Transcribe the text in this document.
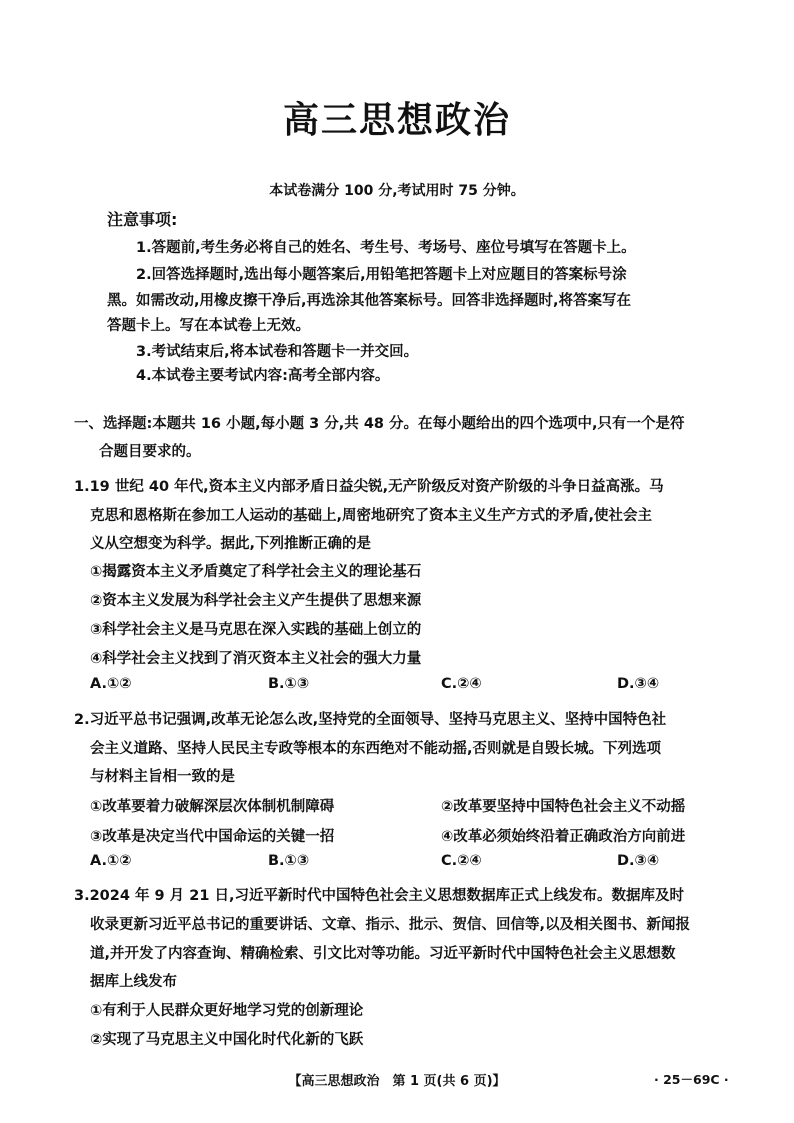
高三思想政治
本试卷满分 100 分,考试用时 75 分钟。
注意事项:
1.答题前,考生务必将自己的姓名、考生号、考场号、座位号填写在答题卡上。
2.回答选择题时,选出每小题答案后,用铅笔把答题卡上对应题目的答案标号涂
黑。如需改动,用橡皮擦干净后,再选涂其他答案标号。回答非选择题时,将答案写在
答题卡上。写在本试卷上无效。
3.考试结束后,将本试卷和答题卡一并交回。
4.本试卷主要考试内容:高考全部内容。
一、选择题:本题共 16 小题,每小题 3 分,共 48 分。在每小题给出的四个选项中,只有一个是符
合题目要求的。
1.19 世纪 40 年代,资本主义内部矛盾日益尖锐,无产阶级反对资产阶级的斗争日益高涨。马
克思和恩格斯在参加工人运动的基础上,周密地研究了资本主义生产方式的矛盾,使社会主
义从空想变为科学。据此,下列推断正确的是
①揭露资本主义矛盾奠定了科学社会主义的理论基石
②资本主义发展为科学社会主义产生提供了思想来源
③科学社会主义是马克思在深入实践的基础上创立的
④科学社会主义找到了消灭资本主义社会的强大力量
A.①②	B.①③	C.②④	D.③④
2.习近平总书记强调,改革无论怎么改,坚持党的全面领导、坚持马克思主义、坚持中国特色社
会主义道路、坚持人民民主专政等根本的东西绝对不能动摇,否则就是自毁长城。下列选项
与材料主旨相一致的是
①改革要着力破解深层次体制机制障碍	②改革要坚持中国特色社会主义不动摇
③改革是决定当代中国命运的关键一招	④改革必须始终沿着正确政治方向前进
A.①②	B.①③	C.②④	D.③④
3.2024 年 9 月 21 日,习近平新时代中国特色社会主义思想数据库正式上线发布。数据库及时
收录更新习近平总书记的重要讲话、文章、指示、批示、贺信、回信等,以及相关图书、新闻报
道,并开发了内容查询、精确检索、引文比对等功能。习近平新时代中国特色社会主义思想数
据库上线发布
①有利于人民群众更好地学习党的创新理论
②实现了马克思主义中国化时代化新的飞跃
【高三思想政治　第 1 页(共 6 页)】	· 25－69C ·
